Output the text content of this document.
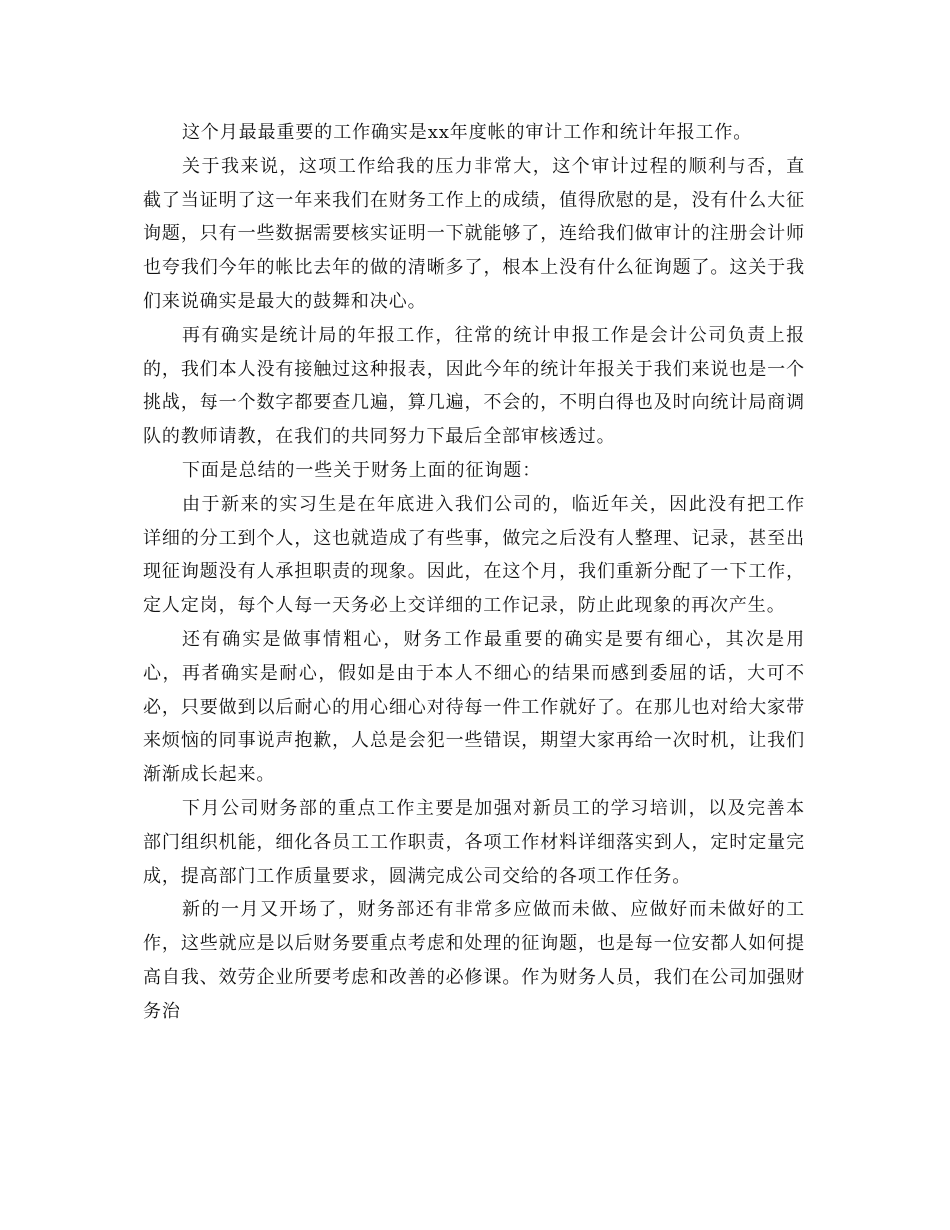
这个月最最重要的工作确实是xx年度帐的审计工作和统计年报工作。

关于我来说，这项工作给我的压力非常大，这个审计过程的顺利与否，直截了当证明了这一年来我们在财务工作上的成绩，值得欣慰的是，没有什么大征询题，只有一些数据需要核实证明一下就能够了，连给我们做审计的注册会计师也夸我们今年的帐比去年的做的清晰多了，根本上没有什么征询题了。这关于我们来说确实是最大的鼓舞和决心。

再有确实是统计局的年报工作，往常的统计申报工作是会计公司负责上报的，我们本人没有接触过这种报表，因此今年的统计年报关于我们来说也是一个挑战，每一个数字都要查几遍，算几遍，不会的，不明白得也及时向统计局商调队的教师请教，在我们的共同努力下最后全部审核透过。

下面是总结的一些关于财务上面的征询题：

由于新来的实习生是在年底进入我们公司的，临近年关，因此没有把工作详细的分工到个人，这也就造成了有些事，做完之后没有人整理、记录，甚至出现征询题没有人承担职责的现象。因此，在这个月，我们重新分配了一下工作，定人定岗，每个人每一天务必上交详细的工作记录，防止此现象的再次产生。

还有确实是做事情粗心，财务工作最重要的确实是要有细心，其次是用心，再者确实是耐心，假如是由于本人不细心的结果而感到委屈的话，大可不必，只要做到以后耐心的用心细心对待每一件工作就好了。在那儿也对给大家带来烦恼的同事说声抱歉，人总是会犯一些错误，期望大家再给一次时机，让我们渐渐成长起来。

下月公司财务部的重点工作主要是加强对新员工的学习培训，以及完善本部门组织机能，细化各员工工作职责，各项工作材料详细落实到人，定时定量完成，提高部门工作质量要求，圆满完成公司交给的各项工作任务。

新的一月又开场了，财务部还有非常多应做而未做、应做好而未做好的工作，这些就应是以后财务要重点考虑和处理的征询题，也是每一位安都人如何提高自我、效劳企业所要考虑和改善的必修课。作为财务人员，我们在公司加强财务治
